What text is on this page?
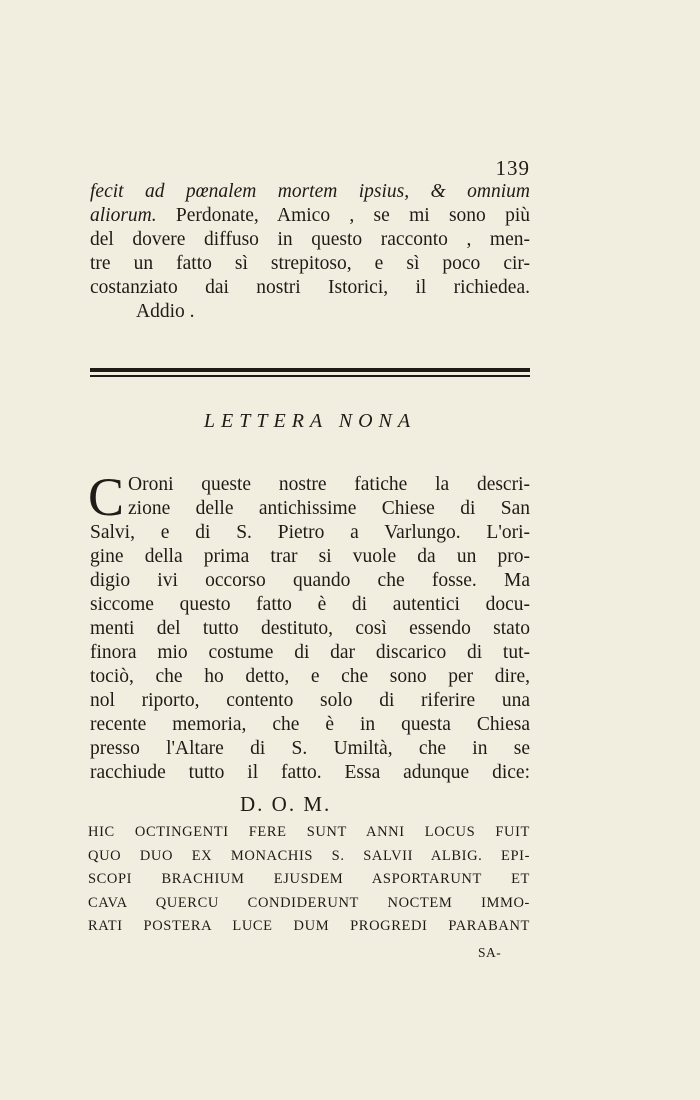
139
fecit ad pœnalem mortem ipsius, & omnium
aliorum. Perdonate, Amico , se mi sono più
del dovere diffuso in questo racconto , men-
tre un fatto sì strepitoso, e sì poco cir-
costanziato dai nostri Istorici, il richiedea.
Addio .
LETTERA NONA
C Oroni queste nostre fatiche la descri-
zione delle antichissime Chiese di San
Salvi, e di S. Pietro a Varlungo. L'ori-
gine della prima trar si vuole da un pro-
digio ivi occorso quando che fosse. Ma
siccome questo fatto è di autentici docu-
menti del tutto destituto, così essendo stato
finora mio costume di dar discarico di tut-
tociò, che ho detto, e che sono per dire,
nol riporto, contento solo di riferire una
recente memoria, che è in questa Chiesa
presso l'Altare di S. Umiltà, che in se
racchiude tutto il fatto. Essa adunque dice:
D. O. M.
HIC OCTINGENTI FERE SUNT ANNI LOCUS FUIT
QUO DUO EX MONACHIS S. SALVII ALBIG. EPI-
SCOPI BRACHIUM EJUSDEM ASPORTARUNT ET
CAVA QUERCU CONDIDERUNT NOCTEM IMMO-
RATI POSTERA LUCE DUM PROGREDI PARABANT
SA-
